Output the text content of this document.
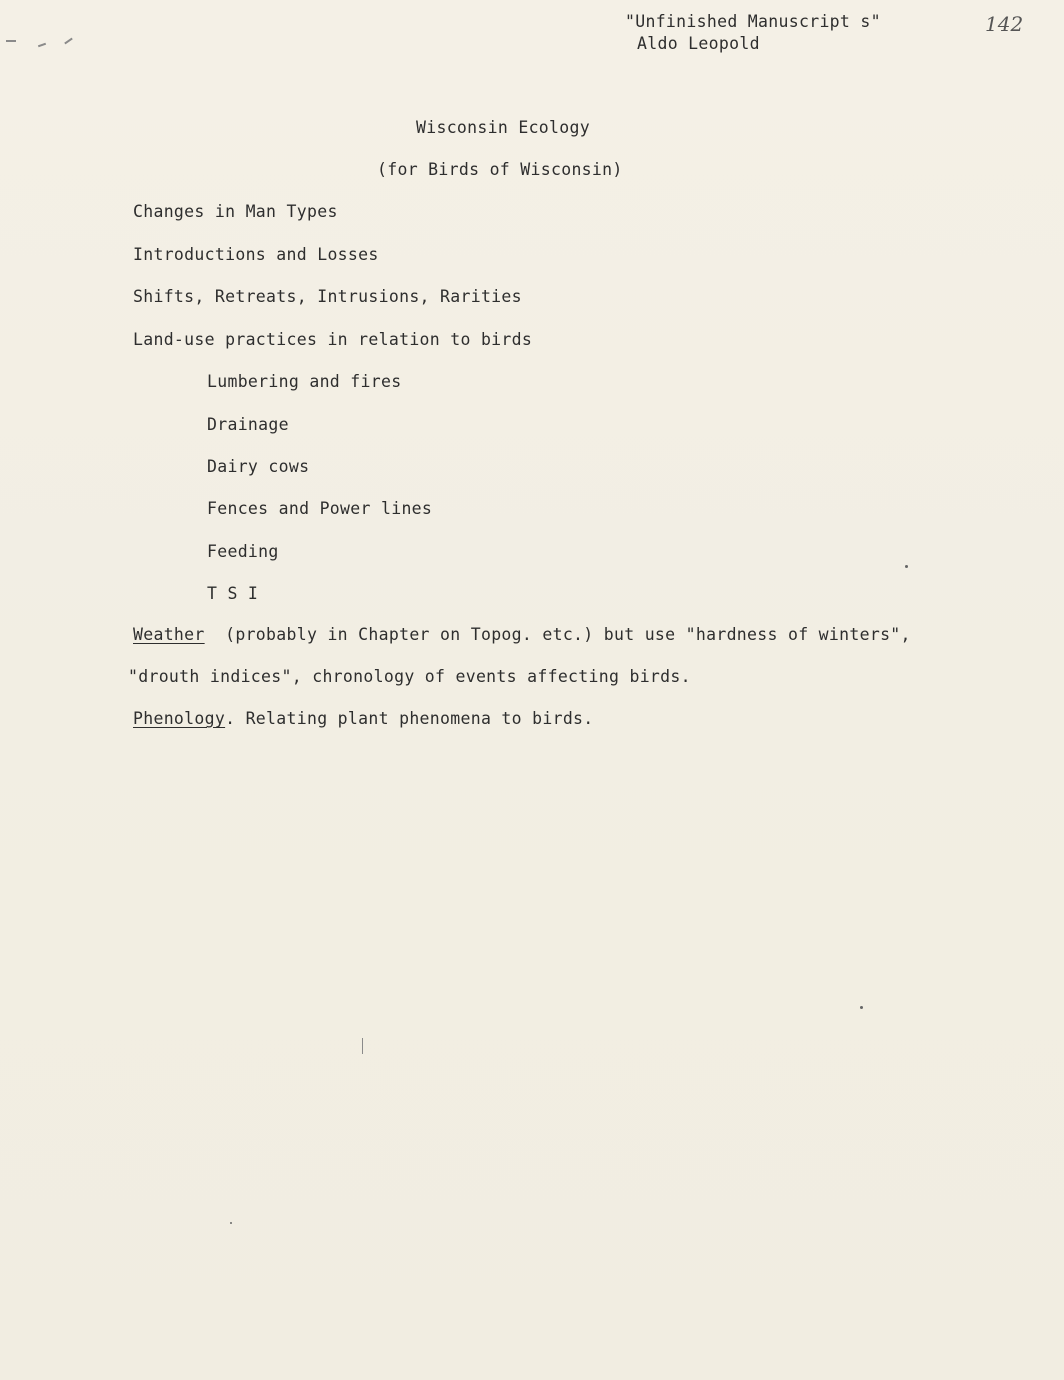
"Unfinished Manuscript s"
Aldo Leopold
142
Wisconsin Ecology
(for Birds of Wisconsin)
Changes in Man Types
Introductions and Losses
Shifts, Retreats, Intrusions, Rarities
Land-use practices in relation to birds
Lumbering and fires
Drainage
Dairy cows
Fences and Power lines
Feeding
T S I
Weather (probably in Chapter on Topog. etc.) but use "hardness of winters",
"drouth indices", chronology of events affecting birds.
Phenology. Relating plant phenomena to birds.
